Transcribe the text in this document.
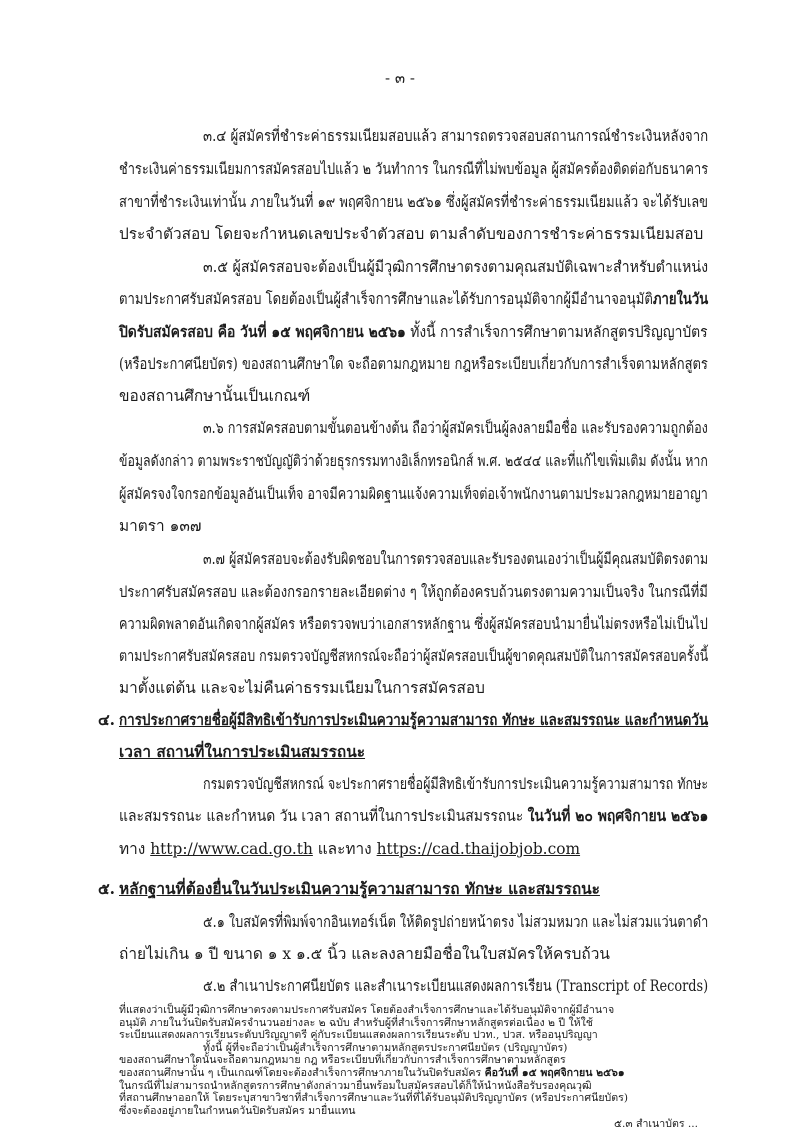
- ๓ -
๓.๔ ผู้สมัครที่ชำระค่าธรรมเนียมสอบแล้ว สามารถตรวจสอบสถานการณ์ชำระเงินหลังจาก
ชำระเงินค่าธรรมเนียมการสมัครสอบไปแล้ว ๒ วันทำการ ในกรณีที่ไม่พบข้อมูล ผู้สมัครต้องติดต่อกับธนาคาร
สาขาที่ชำระเงินเท่านั้น ภายในวันที่ ๑๙ พฤศจิกายน ๒๕๖๑ ซึ่งผู้สมัครที่ชำระค่าธรรมเนียมแล้ว จะได้รับเลข
ประจำตัวสอบ โดยจะกำหนดเลขประจำตัวสอบ ตามลำดับของการชำระค่าธรรมเนียมสอบ
๓.๕ ผู้สมัครสอบจะต้องเป็นผู้มีวุฒิการศึกษาตรงตามคุณสมบัติเฉพาะสำหรับตำแหน่ง
ตามประกาศรับสมัครสอบ โดยต้องเป็นผู้สำเร็จการศึกษาและได้รับการอนุมัติจากผู้มีอำนาจอนุมัติภายในวัน
ปิดรับสมัครสอบ คือ วันที่ ๑๕ พฤศจิกายน ๒๕๖๑ ทั้งนี้ การสำเร็จการศึกษาตามหลักสูตรปริญญาบัตร
(หรือประกาศนียบัตร) ของสถานศึกษาใด จะถือตามกฎหมาย กฎหรือระเบียบเกี่ยวกับการสำเร็จตามหลักสูตร
ของสถานศึกษานั้นเป็นเกณฑ์
๓.๖ การสมัครสอบตามขั้นตอนข้างต้น ถือว่าผู้สมัครเป็นผู้ลงลายมือชื่อ และรับรองความถูกต้อง
ข้อมูลดังกล่าว ตามพระราชบัญญัติว่าด้วยธุรกรรมทางอิเล็กทรอนิกส์ พ.ศ. ๒๕๔๔ และที่แก้ไขเพิ่มเติม ดังนั้น หาก
ผู้สมัครจงใจกรอกข้อมูลอันเป็นเท็จ อาจมีความผิดฐานแจ้งความเท็จต่อเจ้าพนักงานตามประมวลกฎหมายอาญา
มาตรา ๑๓๗
๓.๗ ผู้สมัครสอบจะต้องรับผิดชอบในการตรวจสอบและรับรองตนเองว่าเป็นผู้มีคุณสมบัติตรงตาม
ประกาศรับสมัครสอบ และต้องกรอกรายละเอียดต่าง ๆ ให้ถูกต้องครบถ้วนตรงตามความเป็นจริง ในกรณีที่มี
ความผิดพลาดอันเกิดจากผู้สมัคร หรือตรวจพบว่าเอกสารหลักฐาน ซึ่งผู้สมัครสอบนำมายื่นไม่ตรงหรือไม่เป็นไป
ตามประกาศรับสมัครสอบ กรมตรวจบัญชีสหกรณ์จะถือว่าผู้สมัครสอบเป็นผู้ขาดคุณสมบัติในการสมัครสอบครั้งนี้
มาตั้งแต่ต้น และจะไม่คืนค่าธรรมเนียมในการสมัครสอบ
๔. การประกาศรายชื่อผู้มีสิทธิเข้ารับการประเมินความรู้ความสามารถ ทักษะ และสมรรถนะ และกำหนดวัน
เวลา สถานที่ในการประเมินสมรรถนะ
กรมตรวจบัญชีสหกรณ์ จะประกาศรายชื่อผู้มีสิทธิเข้ารับการประเมินความรู้ความสามารถ ทักษะ
และสมรรถนะ และกำหนด วัน เวลา สถานที่ในการประเมินสมรรถนะ ในวันที่ ๒๐ พฤศจิกายน ๒๕๖๑
ทาง http://www.cad.go.th และทาง https://cad.thaijobjob.com
๕. หลักฐานที่ต้องยื่นในวันประเมินความรู้ความสามารถ ทักษะ และสมรรถนะ
๕.๑ ใบสมัครที่พิมพ์จากอินเทอร์เน็ต ให้ติดรูปถ่ายหน้าตรง ไม่สวมหมวก และไม่สวมแว่นตาดำ
ถ่ายไม่เกิน ๑ ปี ขนาด ๑ x ๑.๕ นิ้ว และลงลายมือชื่อในใบสมัครให้ครบถ้วน
๕.๒ สำเนาประกาศนียบัตร และสำเนาระเบียนแสดงผลการเรียน (Transcript of Records)
ที่แสดงว่าเป็นผู้มีวุฒิการศึกษาตรงตามประกาศรับสมัคร โดยต้องสำเร็จการศึกษาและได้รับอนุมัติจากผู้มีอำนาจ
อนุมัติ ภายในวันปิดรับสมัครจำนวนอย่างละ ๒ ฉบับ สำหรับผู้ที่สำเร็จการศึกษาหลักสูตรต่อเนื่อง ๒ ปี ให้ใช้
ระเบียนแสดงผลการเรียนระดับปริญญาตรี คู่กับระเบียนแสดงผลการเรียนระดับ ปวท., ปวส. หรืออนุปริญญา
ทั้งนี้ ผู้ที่จะถือว่าเป็นผู้สำเร็จการศึกษาตามหลักสูตรประกาศนียบัตร (ปริญญาบัตร)
ของสถานศึกษาใดนั้นจะถือตามกฎหมาย กฎ หรือระเบียบที่เกี่ยวกับการสำเร็จการศึกษาตามหลักสูตร
ของสถานศึกษานั้น ๆ เป็นเกณฑ์โดยจะต้องสำเร็จการศึกษาภายในวันปิดรับสมัคร คือวันที่ ๑๕ พฤศจิกายน ๒๕๖๑
ในกรณีที่ไม่สามารถนำหลักสูตรการศึกษาดังกล่าวมายื่นพร้อมใบสมัครสอบได้ก็ให้นำหนังสือรับรองคุณวุฒิ
ที่สถานศึกษาออกให้ โดยระบุสาขาวิชาที่สำเร็จการศึกษาและวันที่ที่ได้รับอนุมัติปริญญาบัตร (หรือประกาศนียบัตร)
ซึ่งจะต้องอยู่ภายในกำหนดวันปิดรับสมัคร มายื่นแทน
๕.๓ สำเนาบัตร ...
